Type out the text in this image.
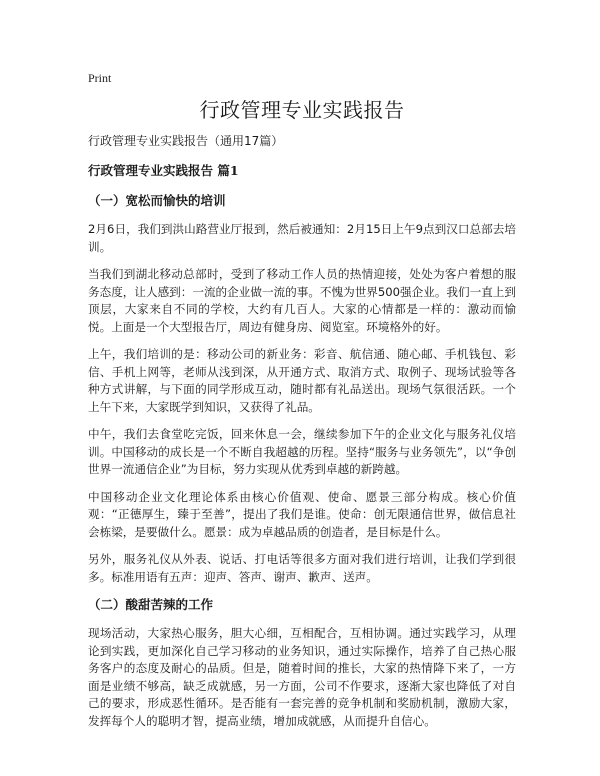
Print
行政管理专业实践报告

行政管理专业实践报告（通用17篇）

行政管理专业实践报告 篇1

（一）宽松而愉快的培训

2月6日，我们到洪山路营业厅报到，然后被通知：2月15日上午9点到汉口总部去培训。

当我们到湖北移动总部时，受到了移动工作人员的热情迎接，处处为客户着想的服务态度，让人感到：一流的企业做一流的事。不愧为世界500强企业。我们一直上到顶层，大家来自不同的学校，大约有几百人。大家的心情都是一样的：激动而愉悦。上面是一个大型报告厅，周边有健身房、阅览室。环境格外的好。

上午，我们培训的是：移动公司的新业务：彩音、航信通、随心邮、手机钱包、彩信、手机上网等，老师从浅到深，从开通方式、取消方式、取例子、现场试验等各种方式讲解，与下面的同学形成互动，随时都有礼品送出。现场气氛很活跃。一个上午下来，大家既学到知识，又获得了礼品。

中午，我们去食堂吃完饭，回来休息一会，继续参加下午的企业文化与服务礼仪培训。中国移动的成长是一个不断自我超越的历程。坚持“服务与业务领先”，以“争创世界一流通信企业”为目标，努力实现从优秀到卓越的新跨越。

中国移动企业文化理论体系由核心价值观、使命、愿景三部分构成。核心价值观：“正德厚生，臻于至善”，提出了我们是谁。使命：创无限通信世界，做信息社会栋梁，是要做什么。愿景：成为卓越品质的创造者，是目标是什么。

另外，服务礼仪从外表、说话、打电话等很多方面对我们进行培训，让我们学到很多。标准用语有五声：迎声、答声、谢声、歉声、送声。

（二）酸甜苦辣的工作

现场活动，大家热心服务，胆大心细，互相配合，互相协调。通过实践学习，从理论到实践，更加深化自己学习移动的业务知识，通过实际操作，培养了自己热心服务客户的态度及耐心的品质。但是，随着时间的推长，大家的热情降下来了，一方面是业绩不够高，缺乏成就感，另一方面，公司不作要求，逐渐大家也降低了对自己的要求，形成恶性循环。是否能有一套完善的竞争机制和奖励机制，激励大家，发挥每个人的聪明才智，提高业绩，增加成就感，从而提升自信心。
